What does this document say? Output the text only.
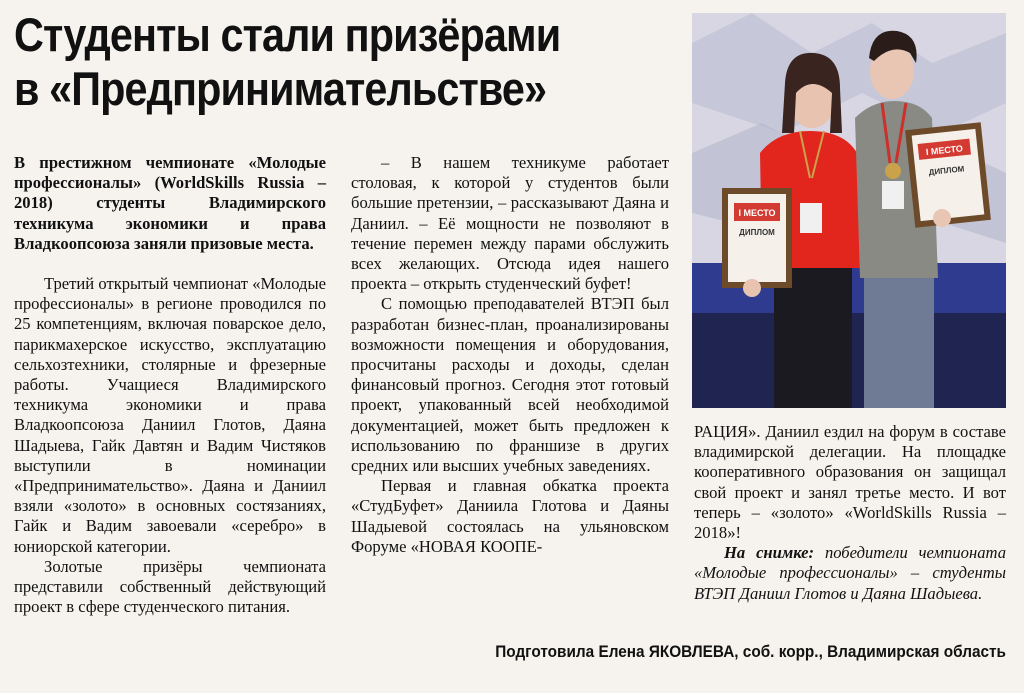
Студенты стали призёрами
в «Предпринимательстве»

В престижном чемпионате «Молодые профессионалы» (WorldSkills Russia – 2018) студенты Владимирского техникума экономики и права Владкоопсоюза заняли призовые места.

Третий открытый чемпионат «Молодые профессионалы» в регионе проводился по 25 компетенциям, включая поварское дело, парикмахерское искусство, эксплуатацию сельхозтехники, столярные и фрезерные работы. Учащиеся Владимирского техникума экономики и права Владкоопсоюза Даниил Глотов, Даяна Шадыева, Гайк Давтян и Вадим Чистяков выступили в номинации «Предпринимательство». Даяна и Даниил взяли «золото» в основных состязаниях, Гайк и Вадим завоевали «серебро» в юниорской категории.

Золотые призёры чемпионата представили собственный действующий проект в сфере студенческого питания.

– В нашем техникуме работает столовая, к которой у студентов были большие претензии, – рассказывают Даяна и Даниил. – Её мощности не позволяют в течение перемен между парами обслужить всех желающих. Отсюда идея нашего проекта – открыть студенческий буфет!

С помощью преподавателей ВТЭП был разработан бизнес-план, проанализированы возможности помещения и оборудования, просчитаны расходы и доходы, сделан финансовый прогноз. Сегодня этот готовый проект, упакованный всей необходимой документацией, может быть предложен к использованию по франшизе в других средних или высших учебных заведениях.

Первая и главная обкатка проекта «СтудБуфет» Даниила Глотова и Даяны Шадыевой состоялась на ульяновском Форуме «НОВАЯ КООПЕ-

I МЕСТО
ДИПЛОМ
I МЕСТО
ДИПЛОМ

РАЦИЯ». Даниил ездил на форум в составе владимирской делегации. На площадке кооперативного образования он защищал свой проект и занял третье место. И вот теперь – «золото» «WorldSkills Russia – 2018»!

На снимке: победители чемпионата «Молодые профессионалы» – студенты ВТЭП Даниил Глотов и Даяна Шадыева.

Подготовила Елена ЯКОВЛЕВА, соб. корр., Владимирская область
